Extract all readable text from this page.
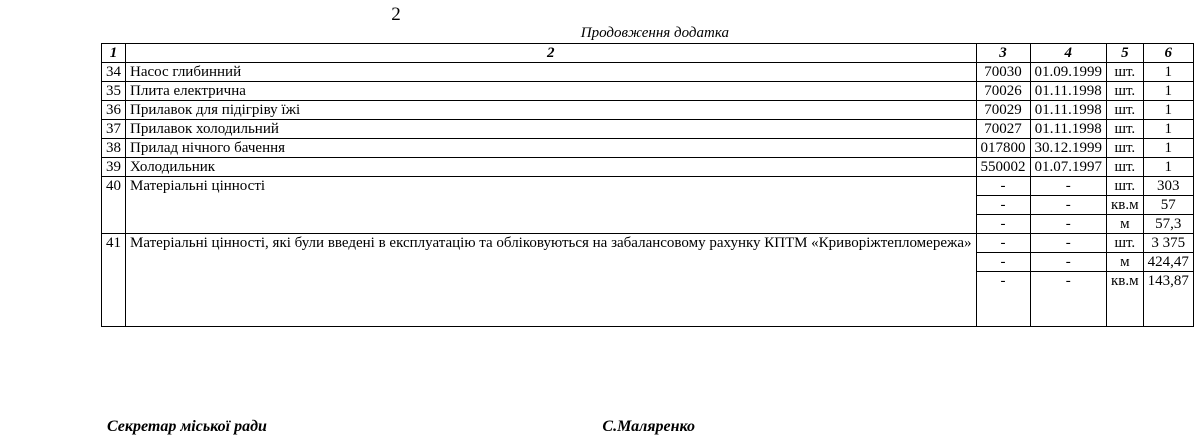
2
Продовження додатка
1	2	3	4	5	6
34	Насос глибинний	70030	01.09.1999	шт.	1
35	Плита електрична	70026	01.11.1998	шт.	1
36	Прилавок для підігріву їжі	70029	01.11.1998	шт.	1
37	Прилавок холодильний	70027	01.11.1998	шт.	1
38	Прилад нічного бачення	017800	30.12.1999	шт.	1
39	Холодильник	550002	01.07.1997	шт.	1
40	Матеріальні цінності	-	-	шт.	303
		-	-	кв.м	57
		-	-	м	57,3
41	Матеріальні цінності, які були введені в експлуатацію та обліковуються на забалансовому рахунку КПТМ «Криворіжтепломережа»	-	-	шт.	3 375
		-	-	м	424,47
		-	-	кв.м	143,87
Секретар міської ради	С.Маляренко
